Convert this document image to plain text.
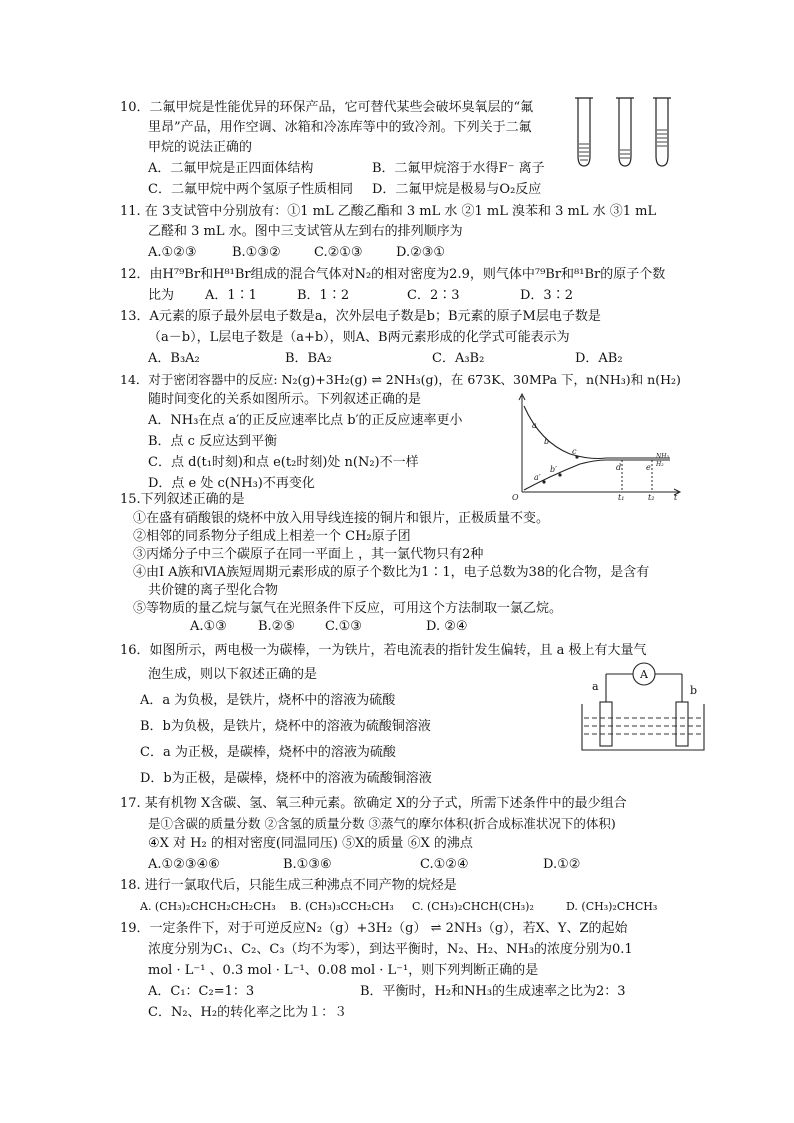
10．二氟甲烷是性能优异的环保产品，它可替代某些会破坏臭氧层的“氟
里昂”产品，用作空调、冰箱和冷冻库等中的致冷剂。下列关于二氟
甲烷的说法正确的
A．二氟甲烷是正四面体结构	B．二氟甲烷溶于水得F⁻ 离子
C．二氟甲烷中两个氢原子性质相同 D．二氟甲烷是极易与O₂反应
11. 在 3支试管中分别放有：①1 mL 乙酸乙酯和 3 mL 水 ②1 mL 溴苯和 3 mL 水 ③1 mL
乙醛和 3 mL 水。图中三支试管从左到右的排列顺序为
A.①②③	B.①③②	C.②①③	D.②③①
12．由H⁷⁹Br和H⁸¹Br组成的混合气体对N₂的相对密度为2.9，则气体中⁷⁹Br和⁸¹Br的原子个数
比为 A．1∶1	B．1∶2	C．2∶3	D．3∶2
13．A元素的原子最外层电子数是a，次外层电子数是b；B元素的原子M层电子数是
（a－b），L层电子数是（a+b），则A、B两元素形成的化学式可能表示为
A．B₃A₂	B．BA₂	C．A₃B₂	D．AB₂
14．对于密闭容器中的反应: N₂(g)+3H₂(g) ⇌ 2NH₃(g)，在 673K、30MPa 下，n(NH₃)和 n(H₂)
随时间变化的关系如图所示。下列叙述正确的是
A．NH₃在点 a′的正反应速率比点 b′的正反应速率更小
B．点 c 反应达到平衡
C．点 d(t₁时刻)和点 e(t₂时刻)处 n(N₂)不一样
D．点 e 处 c(NH₃)不再变化
O	t₁	t₂ t
a
b
c
d	e
a′
b′
NH₃
H₂
15.下列叙述正确的是
①在盛有硝酸银的烧杯中放入用导线连接的铜片和银片，正极质量不变。
②相邻的同系物分子组成上相差一个 CH₂原子团
③丙烯分子中三个碳原子在同一平面上 ，其一氯代物只有2种
④由Ⅰ A族和ⅥA族短周期元素形成的原子个数比为1∶1，电子总数为38的化合物，是含有
共价键的离子型化合物
⑤等物质的量乙烷与氯气在光照条件下反应，可用这个方法制取一氯乙烷。
A.①③ B.②⑤ C.①③	D. ②④
16．如图所示，两电极一为碳棒，一为铁片，若电流表的指针发生偏转，且 a 极上有大量气
泡生成，则以下叙述正确的是
A．a 为负极，是铁片，烧杯中的溶液为硫酸
B．b为负极，是铁片，烧杯中的溶液为硫酸铜溶液
C．a 为正极，是碳棒，烧杯中的溶液为硫酸
D．b为正极，是碳棒，烧杯中的溶液为硫酸铜溶液
A
a	b
17. 某有机物 X含碳、氢、氧三种元素。欲确定 X的分子式，所需下述条件中的最少组合
是①含碳的质量分数 ②含氢的质量分数 ③蒸气的摩尔体积(折合成标准状况下的体积)
④X 对 H₂ 的相对密度(同温同压) ⑤X的质量 ⑥X 的沸点
A.①②③④⑥	B.①③⑥	C.①②④	D.①②
18. 进行一氯取代后，只能生成三种沸点不同产物的烷烃是
A. (CH₃)₂CHCH₂CH₂CH₃ B. (CH₃)₃CCH₂CH₃ C. (CH₃)₂CHCH(CH₃)₂	D. (CH₃)₂CHCH₃
19．一定条件下，对于可逆反应N₂（g）+3H₂（g） ⇌ 2NH₃（g），若X、Y、Z的起始
浓度分别为C₁、C₂、C₃（均不为零），到达平衡时，N₂、H₂、NH₃的浓度分别为0.1
mol · L⁻¹ 、0.3 mol · L⁻¹、0.08 mol · L⁻¹，则下列判断正确的是
A．C₁：C₂=1：3	B．平衡时，H₂和NH₃的生成速率之比为2：3
C．N₂、H₂的转化率之比为１：３
